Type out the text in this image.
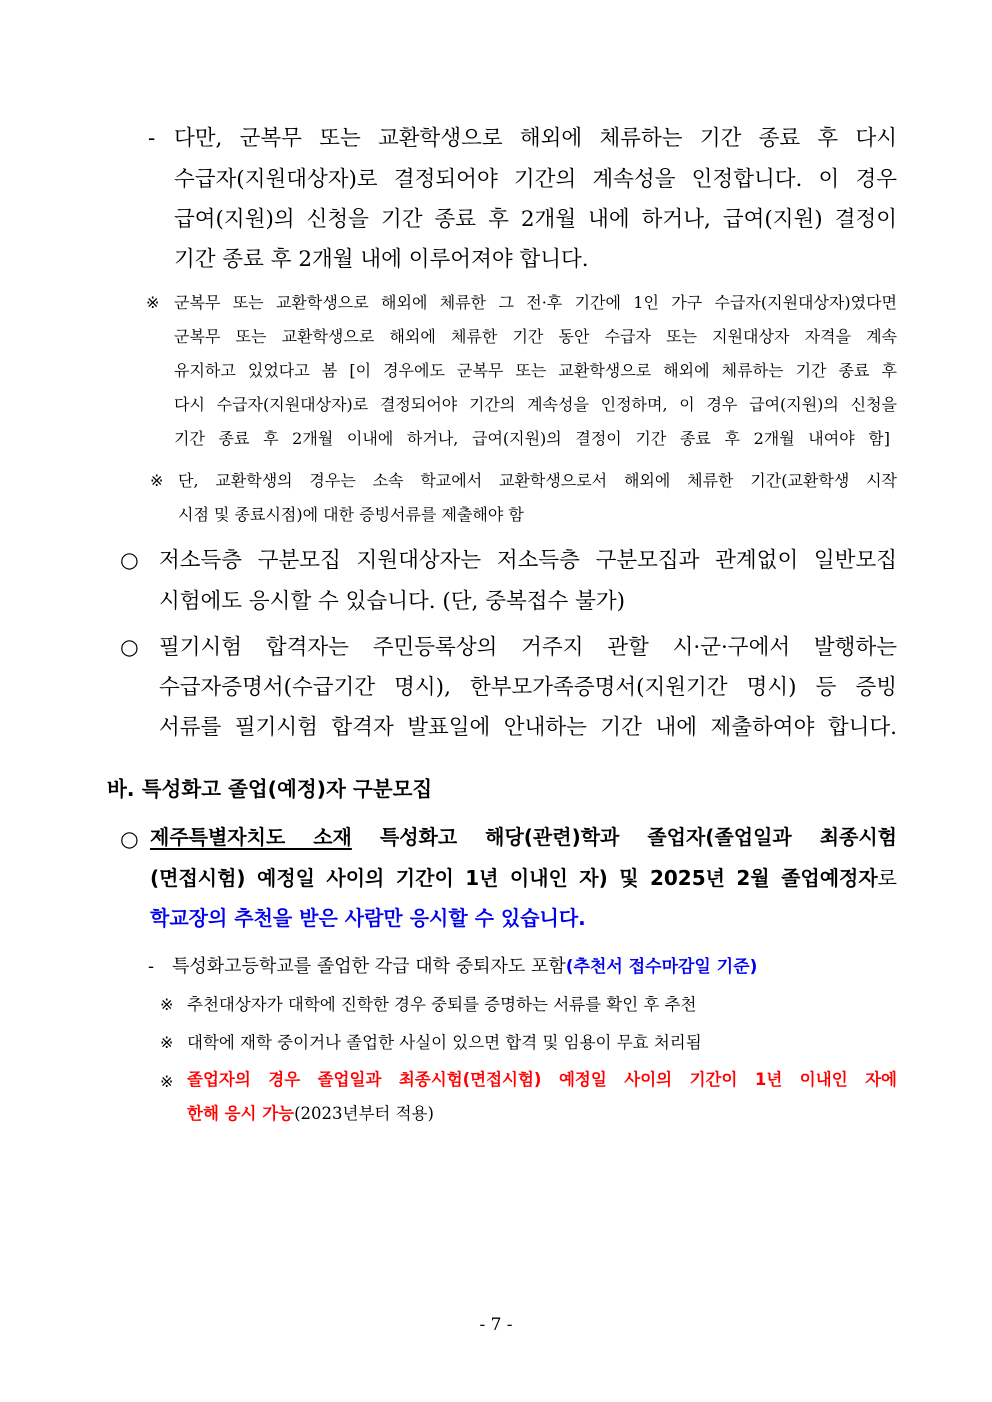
- 다만, 군복무 또는 교환학생으로 해외에 체류하는 기간 종료 후 다시
수급자(지원대상자)로 결정되어야 기간의 계속성을 인정합니다. 이 경우
급여(지원)의 신청을 기간 종료 후 2개월 내에 하거나, 급여(지원) 결정이
기간 종료 후 2개월 내에 이루어져야 합니다.
※ 군복무 또는 교환학생으로 해외에 체류한 그 전·후 기간에 1인 가구 수급자(지원대상자)였다면
군복무 또는 교환학생으로 해외에 체류한 기간 동안 수급자 또는 지원대상자 자격을 계속
유지하고 있었다고 봄 [이 경우에도 군복무 또는 교환학생으로 해외에 체류하는 기간 종료 후
다시 수급자(지원대상자)로 결정되어야 기간의 계속성을 인정하며, 이 경우 급여(지원)의 신청을
기간 종료 후 2개월 이내에 하거나, 급여(지원)의 결정이 기간 종료 후 2개월 내여야 함]
※ 단, 교환학생의 경우는 소속 학교에서 교환학생으로서 해외에 체류한 기간(교환학생 시작
시점 및 종료시점)에 대한 증빙서류를 제출해야 함
○ 저소득층 구분모집 지원대상자는 저소득층 구분모집과 관계없이 일반모집
시험에도 응시할 수 있습니다. (단, 중복접수 불가)
○ 필기시험 합격자는 주민등록상의 거주지 관할 시·군·구에서 발행하는
수급자증명서(수급기간 명시), 한부모가족증명서(지원기간 명시) 등 증빙
서류를 필기시험 합격자 발표일에 안내하는 기간 내에 제출하여야 합니다.
바. 특성화고 졸업(예정)자 구분모집
○ 제주특별자치도 소재 특성화고 해당(관련)학과 졸업자(졸업일과 최종시험
(면접시험) 예정일 사이의 기간이 1년 이내인 자) 및 2025년 2월 졸업예정자로
학교장의 추천을 받은 사람만 응시할 수 있습니다.
- 특성화고등학교를 졸업한 각급 대학 중퇴자도 포함(추천서 접수마감일 기준)
※ 추천대상자가 대학에 진학한 경우 중퇴를 증명하는 서류를 확인 후 추천
※ 대학에 재학 중이거나 졸업한 사실이 있으면 합격 및 임용이 무효 처리됨
※ 졸업자의 경우 졸업일과 최종시험(면접시험) 예정일 사이의 기간이 1년 이내인 자에
한해 응시 가능(2023년부터 적용)
- 7 -
